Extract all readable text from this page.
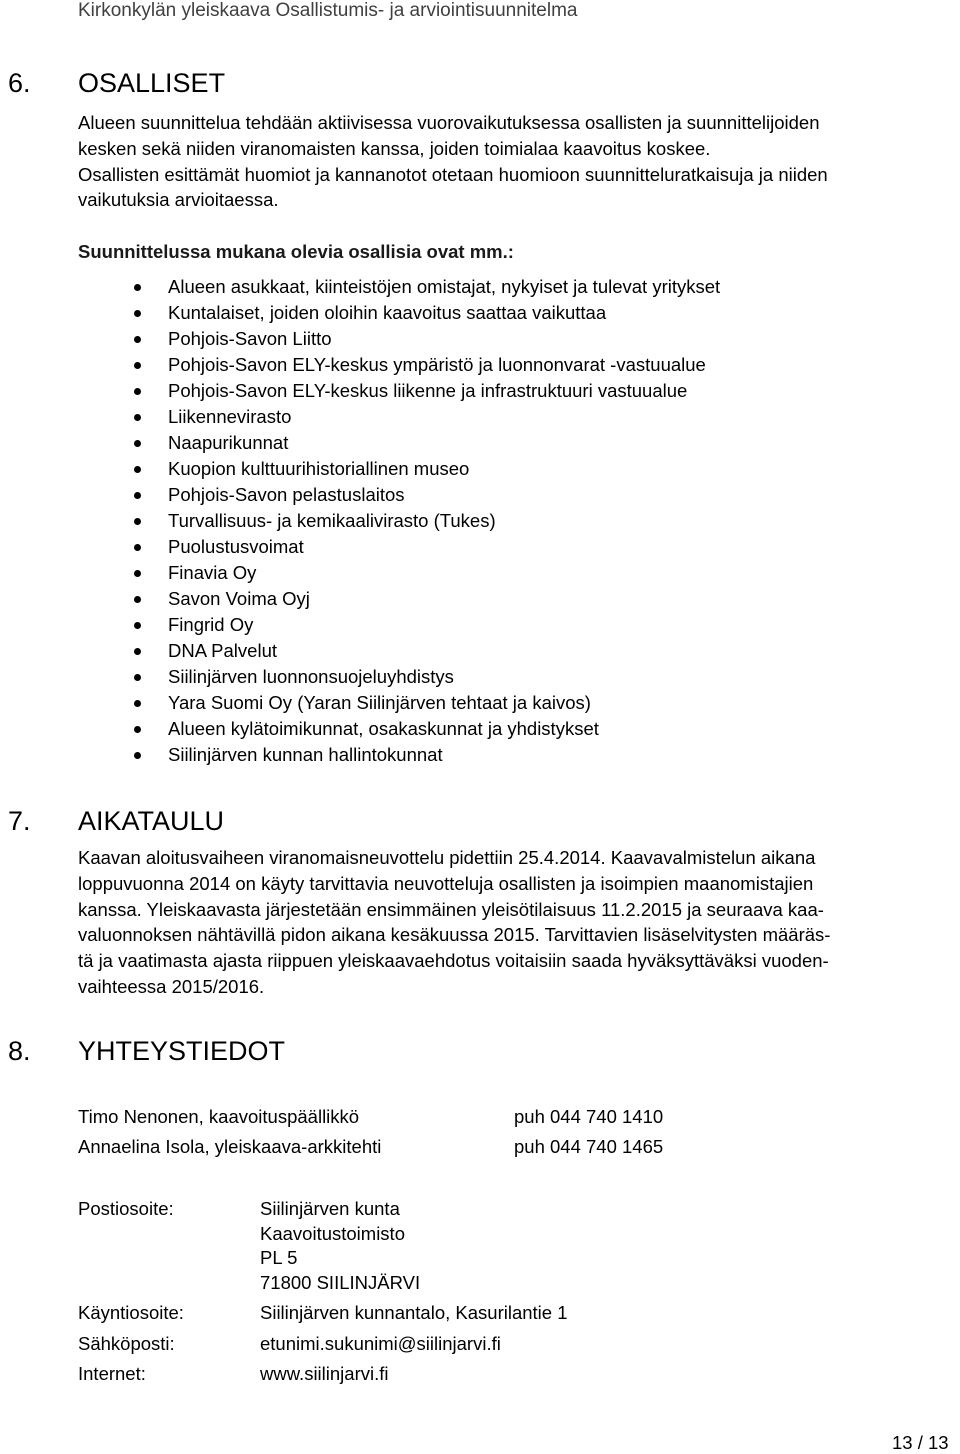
Kirkonkylän yleiskaava Osallistumis- ja arviointisuunnitelma
6. OSALLISET
Alueen suunnittelua tehdään aktiivisessa vuorovaikutuksessa osallisten ja suunnittelijoiden
kesken sekä niiden viranomaisten kanssa, joiden toimialaa kaavoitus koskee.
Osallisten esittämät huomiot ja kannanotot otetaan huomioon suunnitteluratkaisuja ja niiden
vaikutuksia arvioitaessa.
Suunnittelussa mukana olevia osallisia ovat mm.:
Alueen asukkaat, kiinteistöjen omistajat, nykyiset ja tulevat yritykset
Kuntalaiset, joiden oloihin kaavoitus saattaa vaikuttaa
Pohjois-Savon Liitto
Pohjois-Savon ELY-keskus ympäristö ja luonnonvarat -vastuualue
Pohjois-Savon ELY-keskus liikenne ja infrastruktuuri vastuualue
Liikennevirasto
Naapurikunnat
Kuopion kulttuurihistoriallinen museo
Pohjois-Savon pelastuslaitos
Turvallisuus- ja kemikaalivirasto (Tukes)
Puolustusvoimat
Finavia Oy
Savon Voima Oyj
Fingrid Oy
DNA Palvelut
Siilinjärven luonnonsuojeluyhdistys
Yara Suomi Oy (Yaran Siilinjärven tehtaat ja kaivos)
Alueen kylätoimikunnat, osakaskunnat ja yhdistykset
Siilinjärven kunnan hallintokunnat
7. AIKATAULU
Kaavan aloitusvaiheen viranomaisneuvottelu pidettiin 25.4.2014. Kaavavalmistelun aikana
loppuvuonna 2014 on käyty tarvittavia neuvotteluja osallisten ja isoimpien maanomistajien
kanssa. Yleiskaavasta järjestetään ensimmäinen yleisötilaisuus 11.2.2015 ja seuraava kaa-
valuonnoksen nähtävillä pidon aikana kesäkuussa 2015. Tarvittavien lisäselvitysten määräs-
tä ja vaatimasta ajasta riippuen yleiskaavaehdotus voitaisiin saada hyväksyttäväksi vuoden-
vaihteessa 2015/2016.
8. YHTEYSTIEDOT
Timo Nenonen, kaavoituspäällikkö	puh 044 740 1410
Annaelina Isola, yleiskaava-arkkitehti	puh 044 740 1465
Postiosoite:	Siilinjärven kunta
Kaavoitustoimisto
PL 5
71800 SIILINJÄRVI
Käyntiosoite:	Siilinjärven kunnantalo, Kasurilantie 1
Sähköposti:	etunimi.sukunimi@siilinjarvi.fi
Internet:	www.siilinjarvi.fi
13 / 13
